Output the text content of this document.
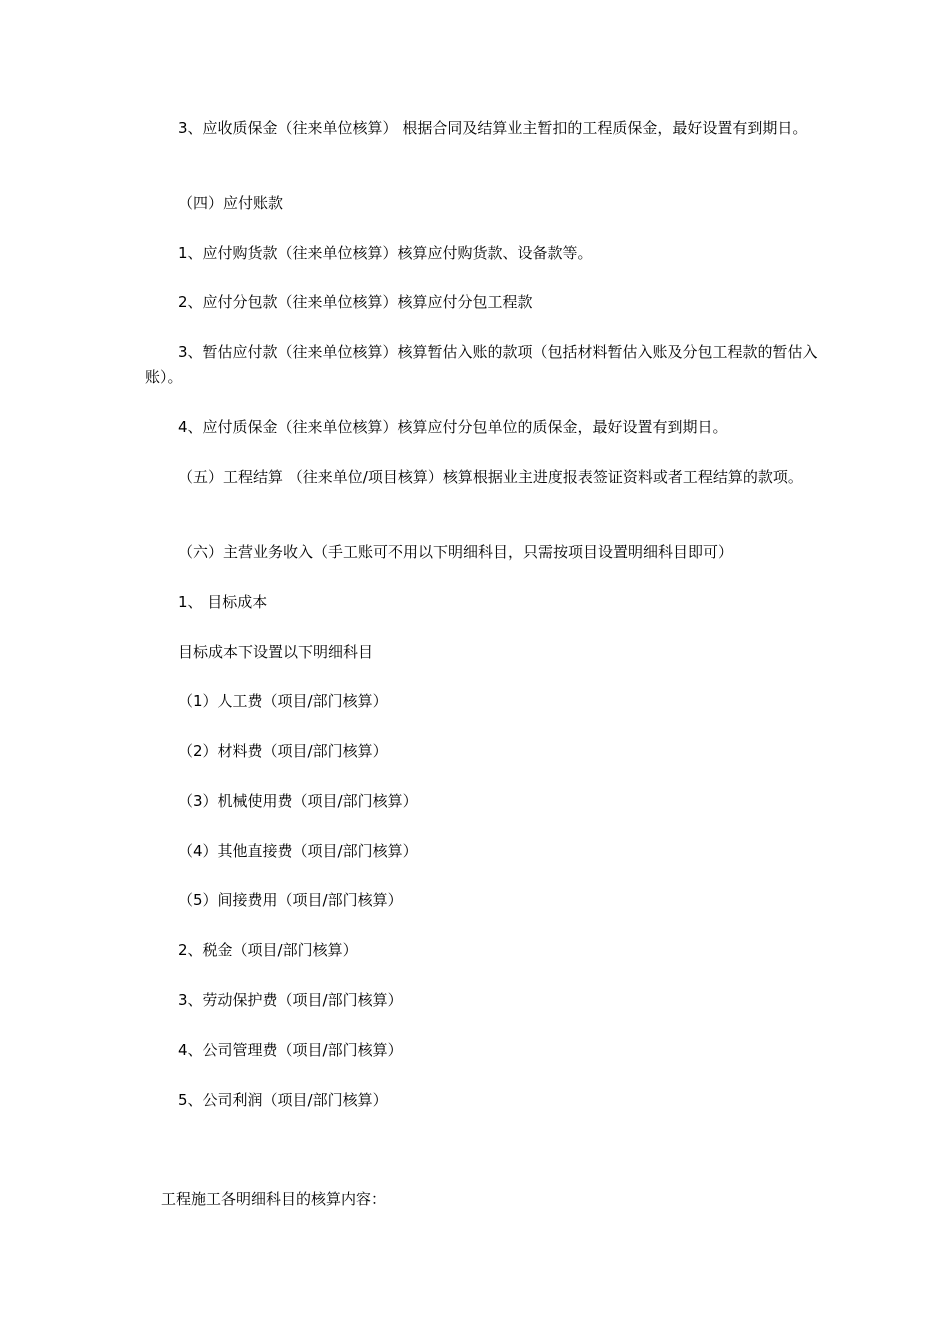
3、应收质保金（往来单位核算） 根据合同及结算业主暂扣的工程质保金，最好设置有到期日。

（四）应付账款

1、应付购货款（往来单位核算）核算应付购货款、设备款等。

2、应付分包款（往来单位核算）核算应付分包工程款

3、暂估应付款（往来单位核算）核算暂估入账的款项（包括材料暂估入账及分包工程款的暂估入账）。

4、应付质保金（往来单位核算）核算应付分包单位的质保金，最好设置有到期日。

（五）工程结算 （往来单位/项目核算）核算根据业主进度报表签证资料或者工程结算的款项。

（六）主营业务收入（手工账可不用以下明细科目，只需按项目设置明细科目即可）

1、 目标成本

目标成本下设置以下明细科目

（1）人工费（项目/部门核算）

（2）材料费（项目/部门核算）

（3）机械使用费（项目/部门核算）

（4）其他直接费（项目/部门核算）

（5）间接费用（项目/部门核算）

2、税金（项目/部门核算）

3、劳动保护费（项目/部门核算）

4、公司管理费（项目/部门核算）

5、公司利润（项目/部门核算）

工程施工各明细科目的核算内容：
